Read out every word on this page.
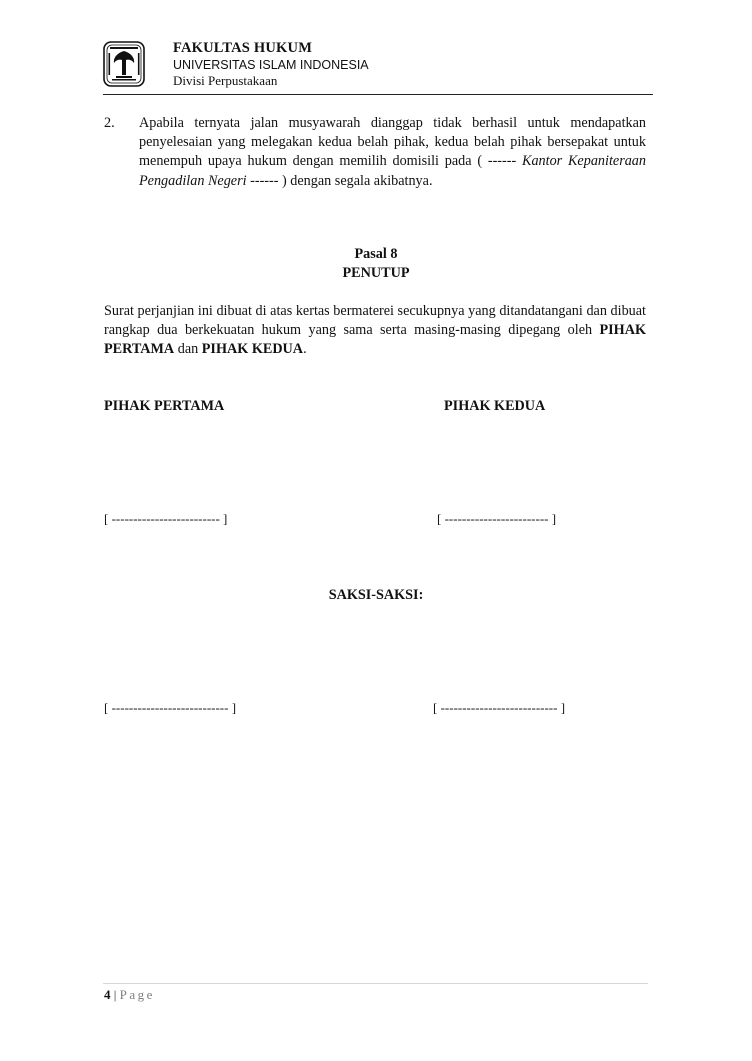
FAKULTAS HUKUM
UNIVERSITAS ISLAM INDONESIA
Divisi Perpustakaan
2.	Apabila ternyata jalan musyawarah dianggap tidak berhasil untuk mendapatkan penyelesaian yang melegakan kedua belah pihak, kedua belah pihak bersepakat untuk menempuh upaya hukum dengan memilih domisili pada ( ------ Kantor Kepaniteraan Pengadilan Negeri ------ ) dengan segala akibatnya.
Pasal 8
PENUTUP
Surat perjanjian ini dibuat di atas kertas bermaterei secukupnya yang ditandatangani dan dibuat rangkap dua berkekuatan hukum yang sama serta masing-masing dipegang oleh PIHAK PERTAMA dan PIHAK KEDUA.
PIHAK PERTAMA	PIHAK KEDUA
[ ------------------------- ]	[ ------------------------ ]
SAKSI-SAKSI:
[ --------------------------- ]	[ --------------------------- ]
4 | Page
